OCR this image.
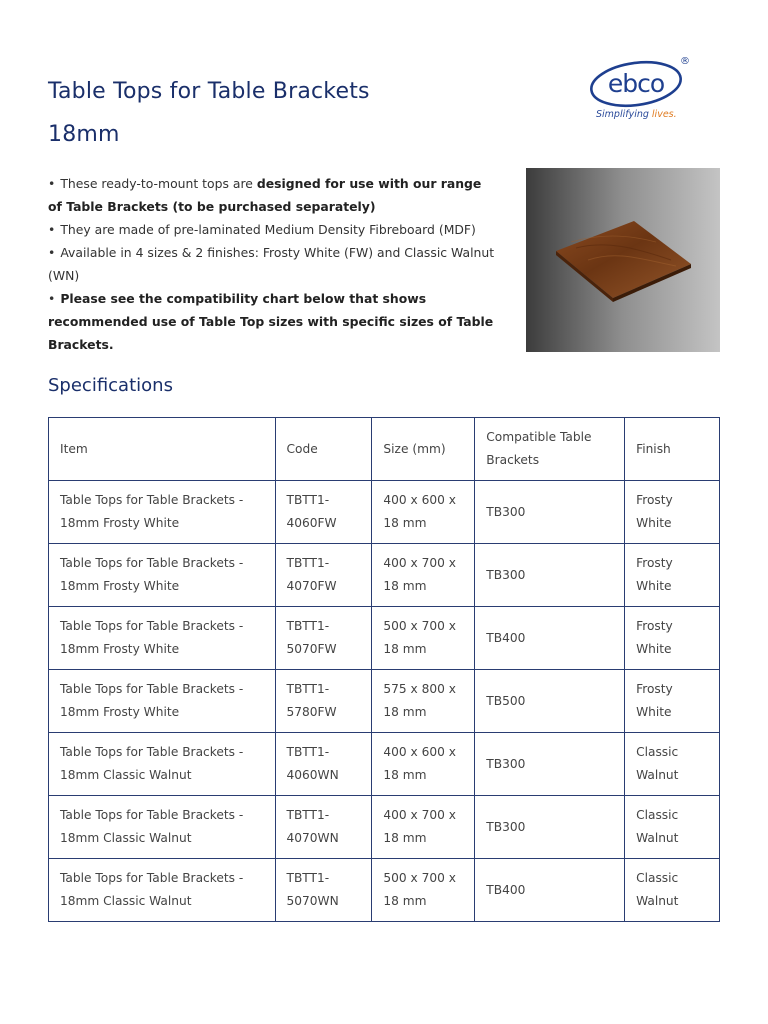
Table Tops for Table Brackets
18mm
ebco
®
Simplifying lives.
• These ready-to-mount tops are designed for use with our range of Table Brackets (to be purchased separately)
• They are made of pre-laminated Medium Density Fibreboard (MDF)
• Available in 4 sizes & 2 finishes: Frosty White (FW) and Classic Walnut (WN)
• Please see the compatibility chart below that shows recommended use of Table Top sizes with specific sizes of Table Brackets.
Specifications
Item	Code	Size (mm)	Compatible Table Brackets	Finish
Table Tops for Table Brackets - 18mm Frosty White	TBTT1-4060FW	400 x 600 x 18 mm	TB300	Frosty White
Table Tops for Table Brackets - 18mm Frosty White	TBTT1-4070FW	400 x 700 x 18 mm	TB300	Frosty White
Table Tops for Table Brackets - 18mm Frosty White	TBTT1-5070FW	500 x 700 x 18 mm	TB400	Frosty White
Table Tops for Table Brackets - 18mm Frosty White	TBTT1-5780FW	575 x 800 x 18 mm	TB500	Frosty White
Table Tops for Table Brackets - 18mm Classic Walnut	TBTT1-4060WN	400 x 600 x 18 mm	TB300	Classic Walnut
Table Tops for Table Brackets - 18mm Classic Walnut	TBTT1-4070WN	400 x 700 x 18 mm	TB300	Classic Walnut
Table Tops for Table Brackets - 18mm Classic Walnut	TBTT1-5070WN	500 x 700 x 18 mm	TB400	Classic Walnut
